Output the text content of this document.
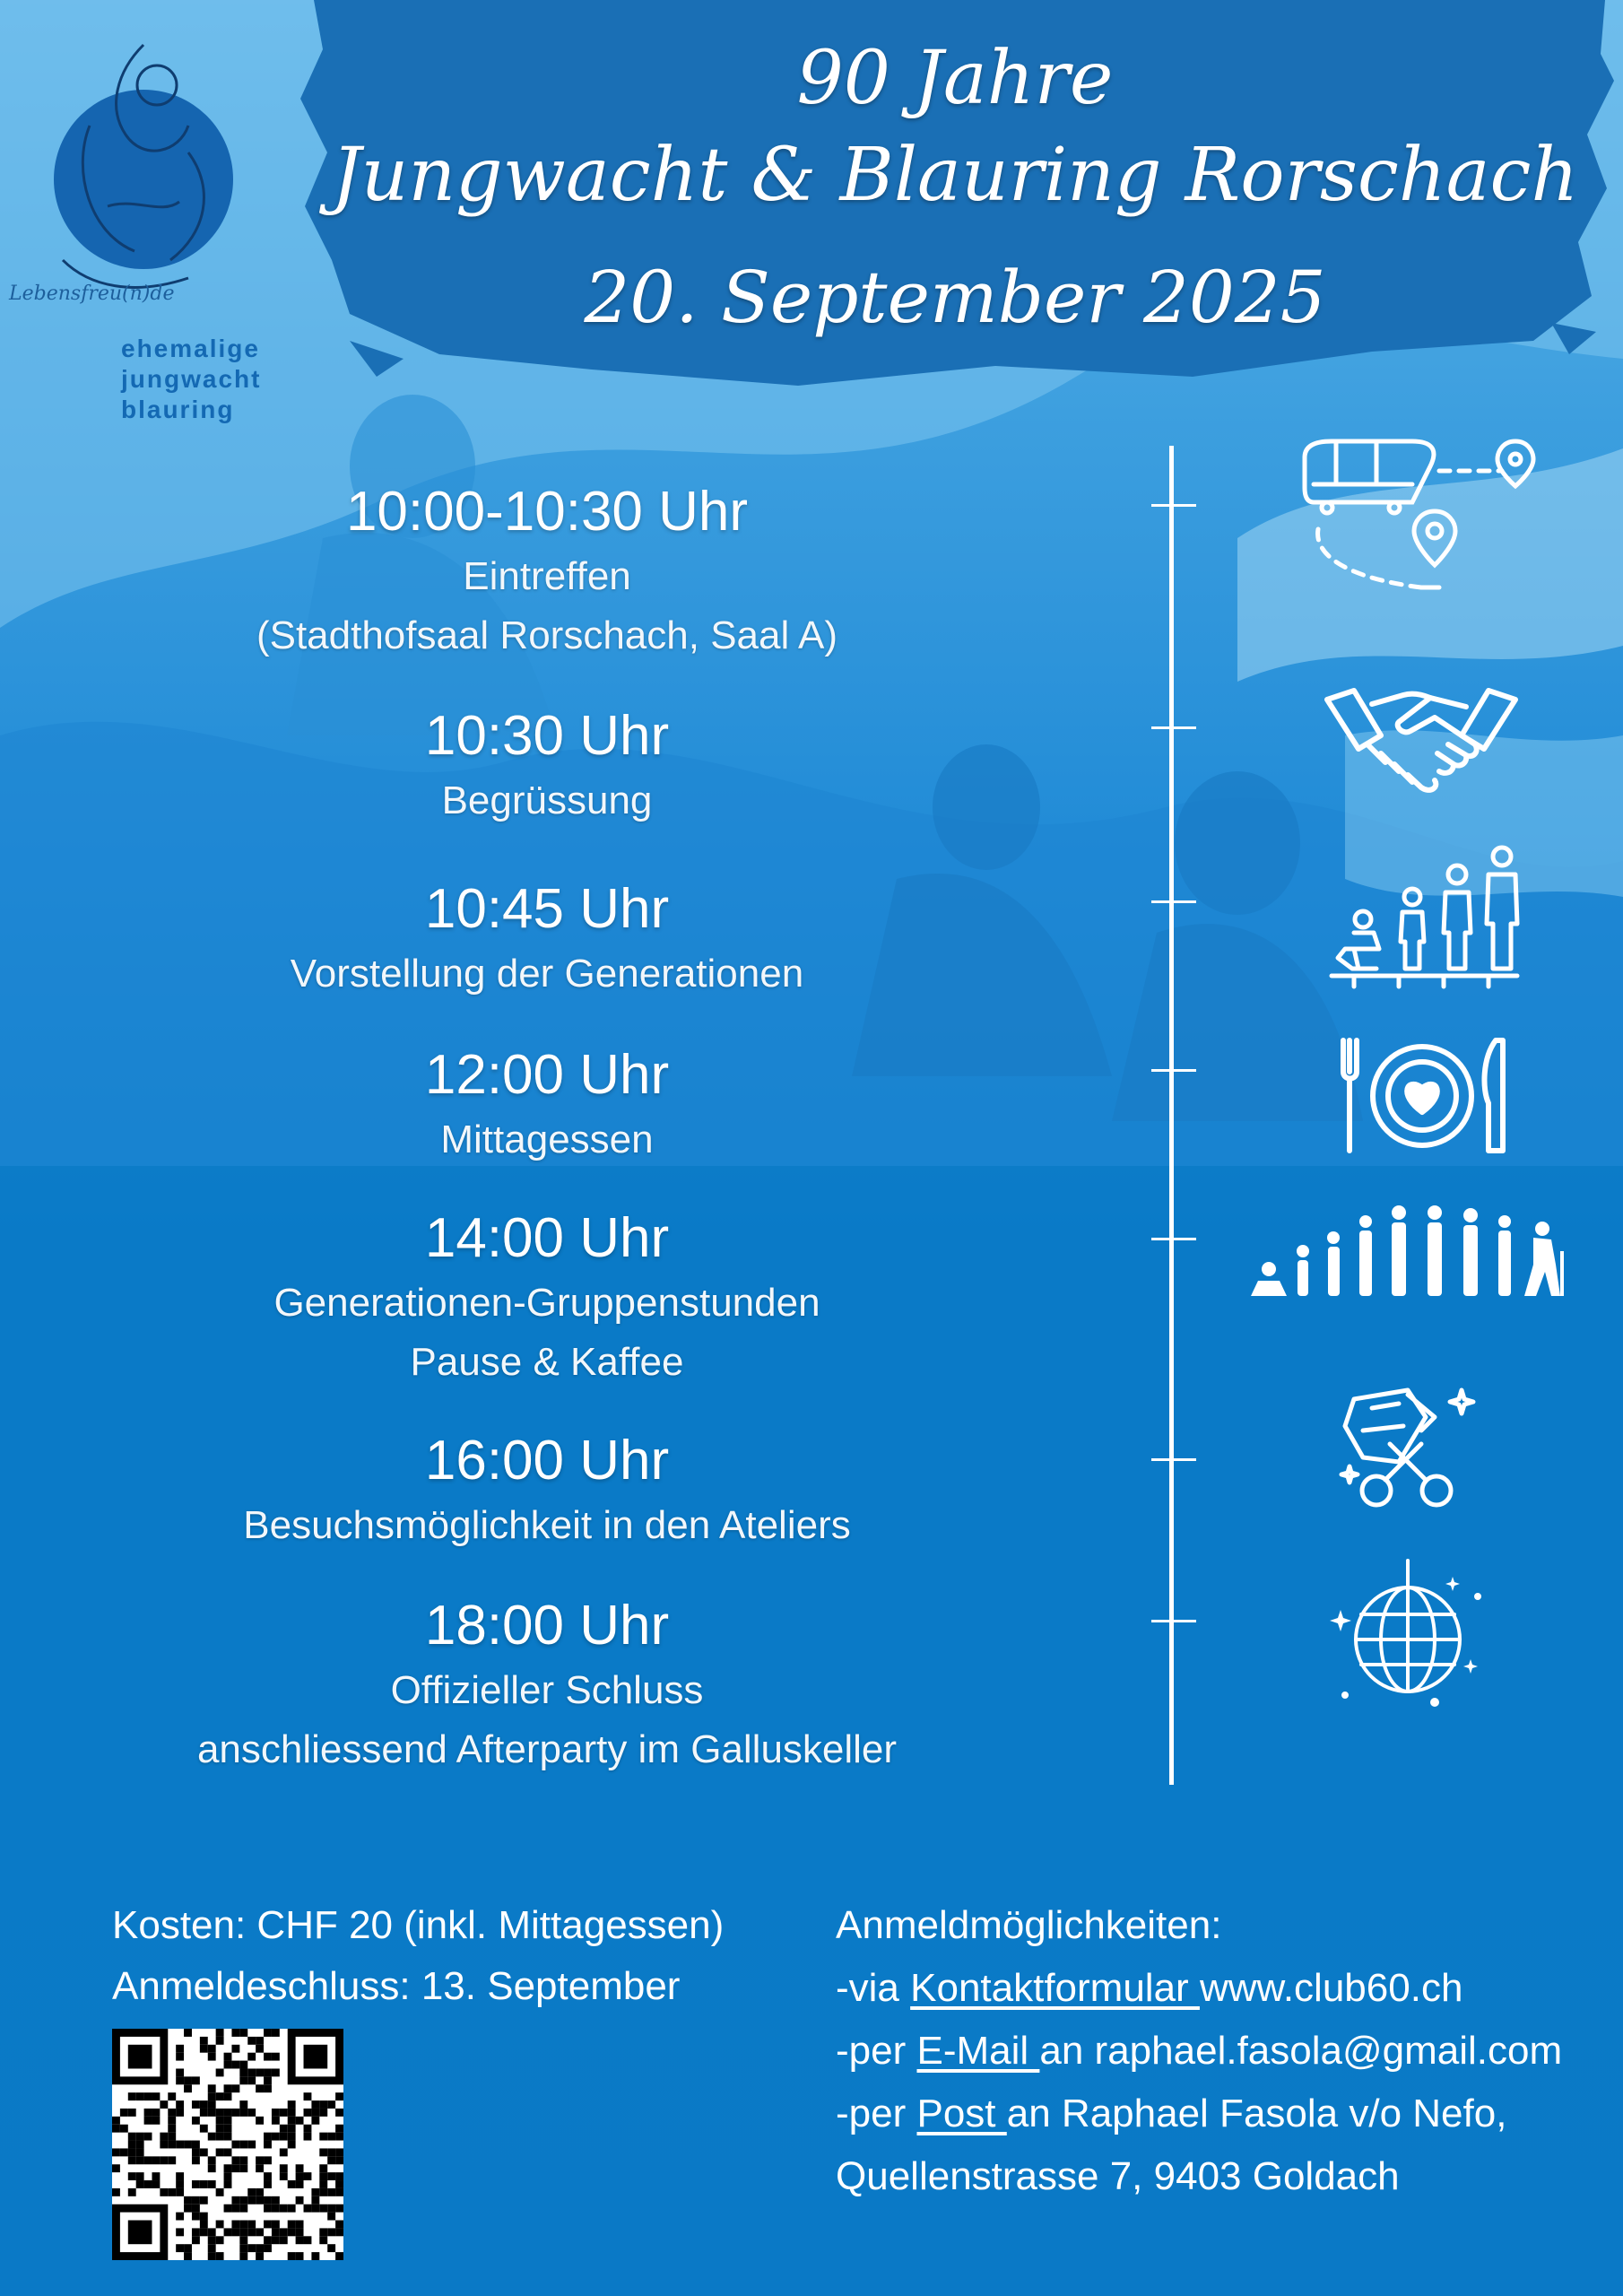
90 Jahre
Jungwacht & Blauring Rorschach
20. September 2025
Lebensfreu(n)de
ehemalige
jungwacht
blauring
10:00-10:30 Uhr
Eintreffen
(Stadthofsaal Rorschach, Saal A)
10:30 Uhr
Begrüssung
10:45 Uhr
Vorstellung der Generationen
12:00 Uhr
Mittagessen
14:00 Uhr
Generationen-Gruppenstunden
Pause & Kaffee
16:00 Uhr
Besuchsmöglichkeit in den Ateliers
18:00 Uhr
Offizieller Schluss
anschliessend Afterparty im Galluskeller
Kosten: CHF 20 (inkl. Mittagessen)
Anmeldeschluss: 13. September
Anmeldmöglichkeiten:
-via Kontaktformular www.club60.ch
-per E-Mail an raphael.fasola@gmail.com
-per Post an Raphael Fasola v/o Nefo,
Quellenstrasse 7, 9403 Goldach
